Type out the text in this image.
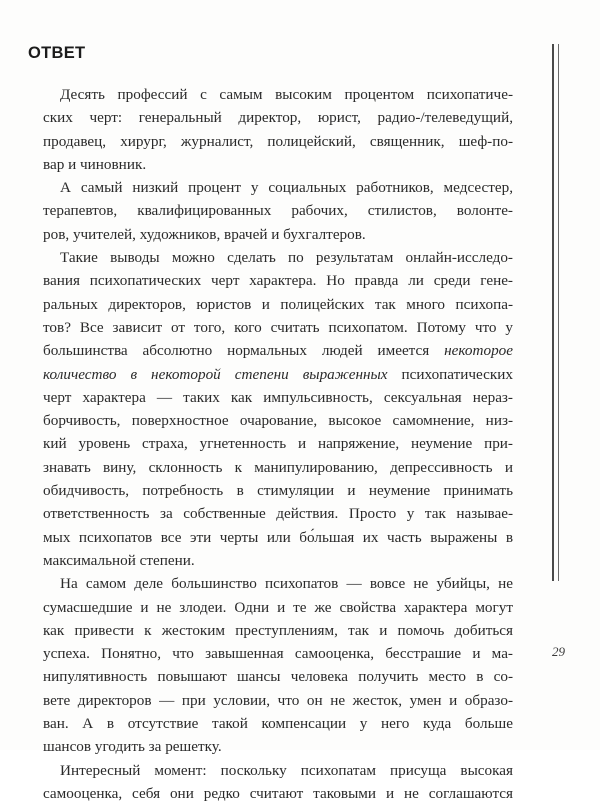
ОТВЕТ
Десять профессий с самым высоким процентом психопатиче-
ских черт: генеральный директор, юрист, радио-/телеведущий,
продавец, хирург, журналист, полицейский, священник, шеф-по-
вар и чиновник.
А самый низкий процент у социальных работников, медсестер,
терапевтов, квалифицированных рабочих, стилистов, волонте-
ров, учителей, художников, врачей и бухгалтеров.
Такие выводы можно сделать по результатам онлайн-исследо-
вания психопатических черт характера. Но правда ли среди гене-
ральных директоров, юристов и полицейских так много психопа-
тов? Все зависит от того, кого считать психопатом. Потому что у
большинства абсолютно нормальных людей имеется некоторое
количество в некоторой степени выраженных психопатических
черт характера — таких как импульсивность, сексуальная нераз-
борчивость, поверхностное очарование, высокое самомнение, низ-
кий уровень страха, угнетенность и напряжение, неумение при-
знавать вину, склонность к манипулированию, депрессивность и
обидчивость, потребность в стимуляции и неумение принимать
ответственность за собственные действия. Просто у так называе-
мых психопатов все эти черты или бо́льшая их часть выражены в
максимальной степени.
На самом деле большинство психопатов — вовсе не убийцы, не
сумасшедшие и не злодеи. Одни и те же свойства характера могут
как привести к жестоким преступлениям, так и помочь добиться
успеха. Понятно, что завышенная самооценка, бесстрашие и ма-
нипулятивность повышают шансы человека получить место в со-
вете директоров — при условии, что он не жесток, умен и образо-
ван. А в отсутствие такой компенсации у него куда больше
шансов угодить за решетку.
Интересный момент: поскольку психопатам присуща высокая
самооценка, себя они редко считают таковыми и не соглашаются
29
